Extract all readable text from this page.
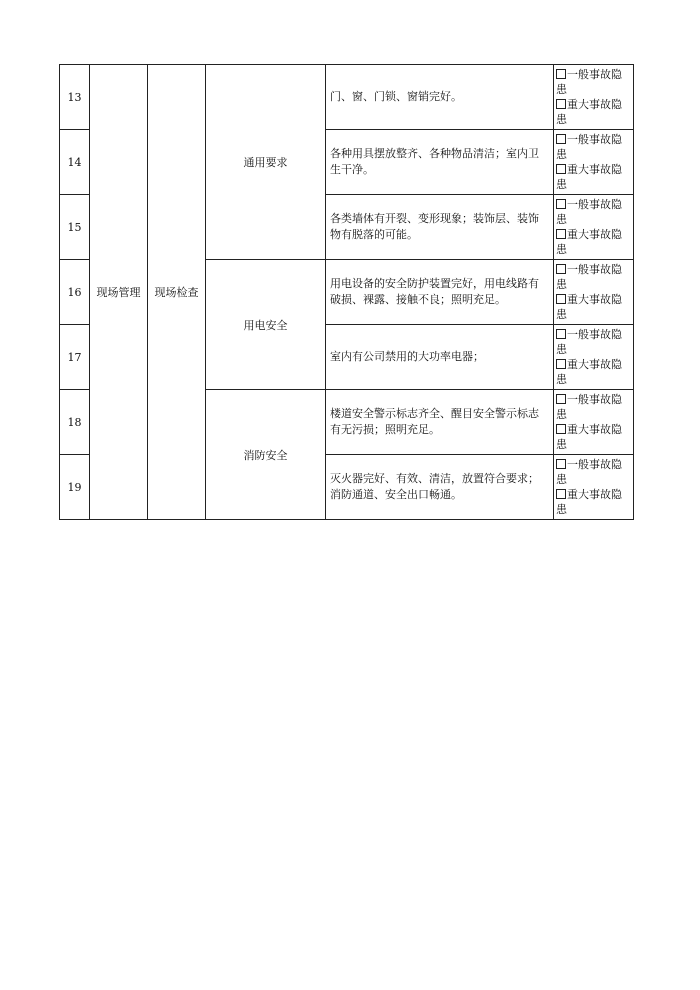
13	现场管理	现场检查	通用要求	门、窗、门锁、窗销完好。	一般事故隐患
重大事故隐患

14				各种用具摆放整齐、各种物品清洁；室内卫生干净。	一般事故隐患
重大事故隐患

15				各类墙体有开裂、变形现象；装饰层、装饰物有脱落的可能。	一般事故隐患
重大事故隐患

16			用电安全	用电设备的安全防护装置完好，用电线路有破损、裸露、接触不良；照明充足。	一般事故隐患
重大事故隐患

17				室内有公司禁用的大功率电器；	一般事故隐患
重大事故隐患

18			消防安全	楼道安全警示标志齐全、醒目安全警示标志有无污损；照明充足。	一般事故隐患
重大事故隐患

19				灭火器完好、有效、清洁，放置符合要求；消防通道、安全出口畅通。	一般事故隐患
重大事故隐患
